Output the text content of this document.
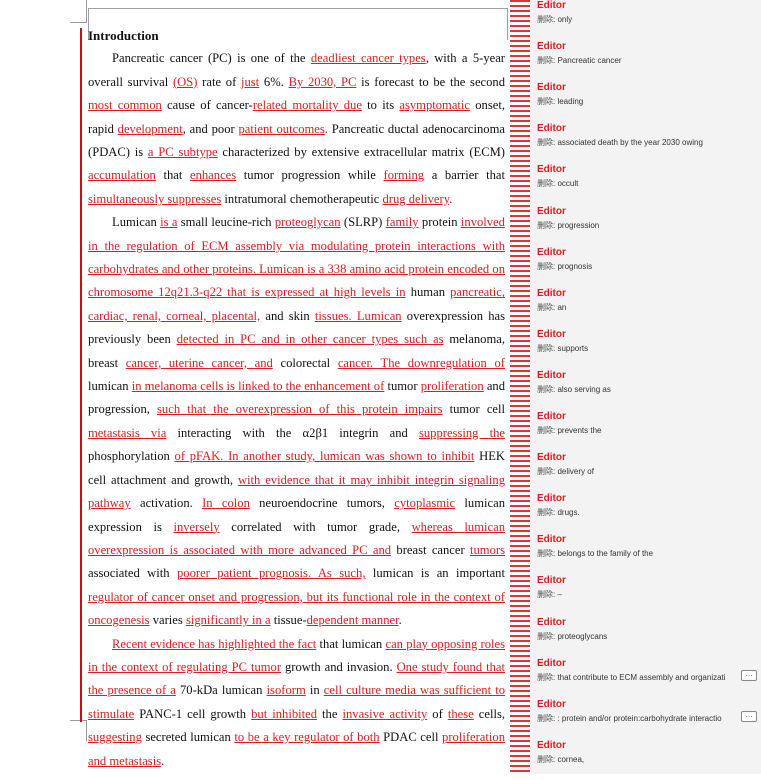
Introduction

Pancreatic cancer (PC) is one of the deadliest cancer types, with a 5-year overall survival (OS) rate of just 6%. By 2030, PC is forecast to be the second most common cause of cancer-related mortality due to its asymptomatic onset, rapid development, and poor patient outcomes. Pancreatic ductal adenocarcinoma (PDAC) is a PC subtype characterized by extensive extracellular matrix (ECM) accumulation that enhances tumor progression while forming a barrier that simultaneously suppresses intratumoral chemotherapeutic drug delivery.

Lumican is a small leucine-rich proteoglycan (SLRP) family protein involved in the regulation of ECM assembly via modulating protein interactions with carbohydrates and other proteins. Lumican is a 338 amino acid protein encoded on chromosome 12q21.3-q22 that is expressed at high levels in human pancreatic, cardiac, renal, corneal, placental, and skin tissues. Lumican overexpression has previously been detected in PC and in other cancer types such as melanoma, breast cancer, uterine cancer, and colorectal cancer. The downregulation of lumican in melanoma cells is linked to the enhancement of tumor proliferation and progression, such that the overexpression of this protein impairs tumor cell metastasis via interacting with the α2β1 integrin and suppressing the phosphorylation of pFAK. In another study, lumican was shown to inhibit HEK cell attachment and growth, with evidence that it may inhibit integrin signaling pathway activation. In colon neuroendocrine tumors, cytoplasmic lumican expression is inversely correlated with tumor grade, whereas lumican overexpression is associated with more advanced PC and breast cancer tumors associated with poorer patient prognosis. As such, lumican is an important regulator of cancer onset and progression, but its functional role in the context of oncogenesis varies significantly in a tissue-dependent manner.

Recent evidence has highlighted the fact that lumican can play opposing roles in the context of regulating PC tumor growth and invasion. One study found that the presence of a 70-kDa lumican isoform in cell culture media was sufficient to stimulate PANC-1 cell growth but inhibited the invasive activity of these cells, suggesting secreted lumican to be a key regulator of both PDAC cell proliferation and metastasis.

Editor
删除: only
Editor
删除: Pancreatic cancer
Editor
删除: leading
Editor
删除: associated death by the year 2030 owing
Editor
删除: occult
Editor
删除: progression
Editor
删除: prognosis
Editor
删除: an
Editor
删除: supports
Editor
删除: also serving as
Editor
删除: prevents the
Editor
删除: delivery of
Editor
删除: drugs.
Editor
删除: belongs to the family of the
Editor
删除: –
Editor
删除: proteoglycans
Editor
删除: that contribute to ECM assembly and organizati	…
Editor
删除: : protein and/or protein:carbohydrate interactio	…
Editor
删除: cornea,
